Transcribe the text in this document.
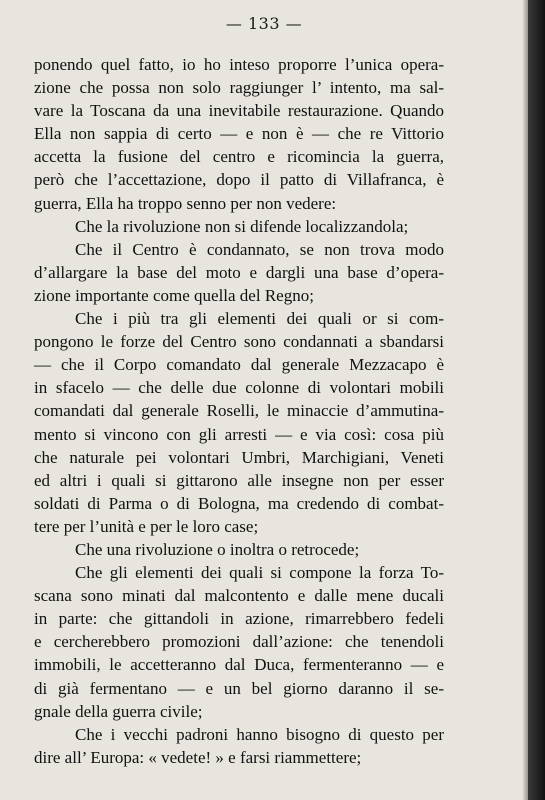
— 133 —
ponendo quel fatto, io ho inteso proporre l’unica opera-
zione che possa non solo raggiunger l’ intento, ma sal-
vare la Toscana da una inevitabile restaurazione. Quando
Ella non sappia di certo — e non è — che re Vittorio
accetta la fusione del centro e ricomincia la guerra,
però che l’accettazione, dopo il patto di Villafranca, è
guerra, Ella ha troppo senno per non vedere:
Che la rivoluzione non si difende localizzandola;
Che il Centro è condannato, se non trova modo
d’allargare la base del moto e dargli una base d’opera-
zione importante come quella del Regno;
Che i più tra gli elementi dei quali or si com-
pongono le forze del Centro sono condannati a sbandarsi
— che il Corpo comandato dal generale Mezzacapo è
in sfacelo — che delle due colonne di volontari mobili
comandati dal generale Roselli, le minaccie d’ammutina-
mento si vincono con gli arresti — e via così: cosa più
che naturale pei volontari Umbri, Marchigiani, Veneti
ed altri i quali si gittarono alle insegne non per esser
soldati di Parma o di Bologna, ma credendo di combat-
tere per l’unità e per le loro case;
Che una rivoluzione o inoltra o retrocede;
Che gli elementi dei quali si compone la forza To-
scana sono minati dal malcontento e dalle mene ducali
in parte: che gittandoli in azione, rimarrebbero fedeli
e cercherebbero promozioni dall’azione: che tenendoli
immobili, le accetteranno dal Duca, fermenteranno — e
di già fermentano — e un bel giorno daranno il se-
gnale della guerra civile;
Che i vecchi padroni hanno bisogno di questo per
dire all’ Europa: « vedete! » e farsi riammettere;
